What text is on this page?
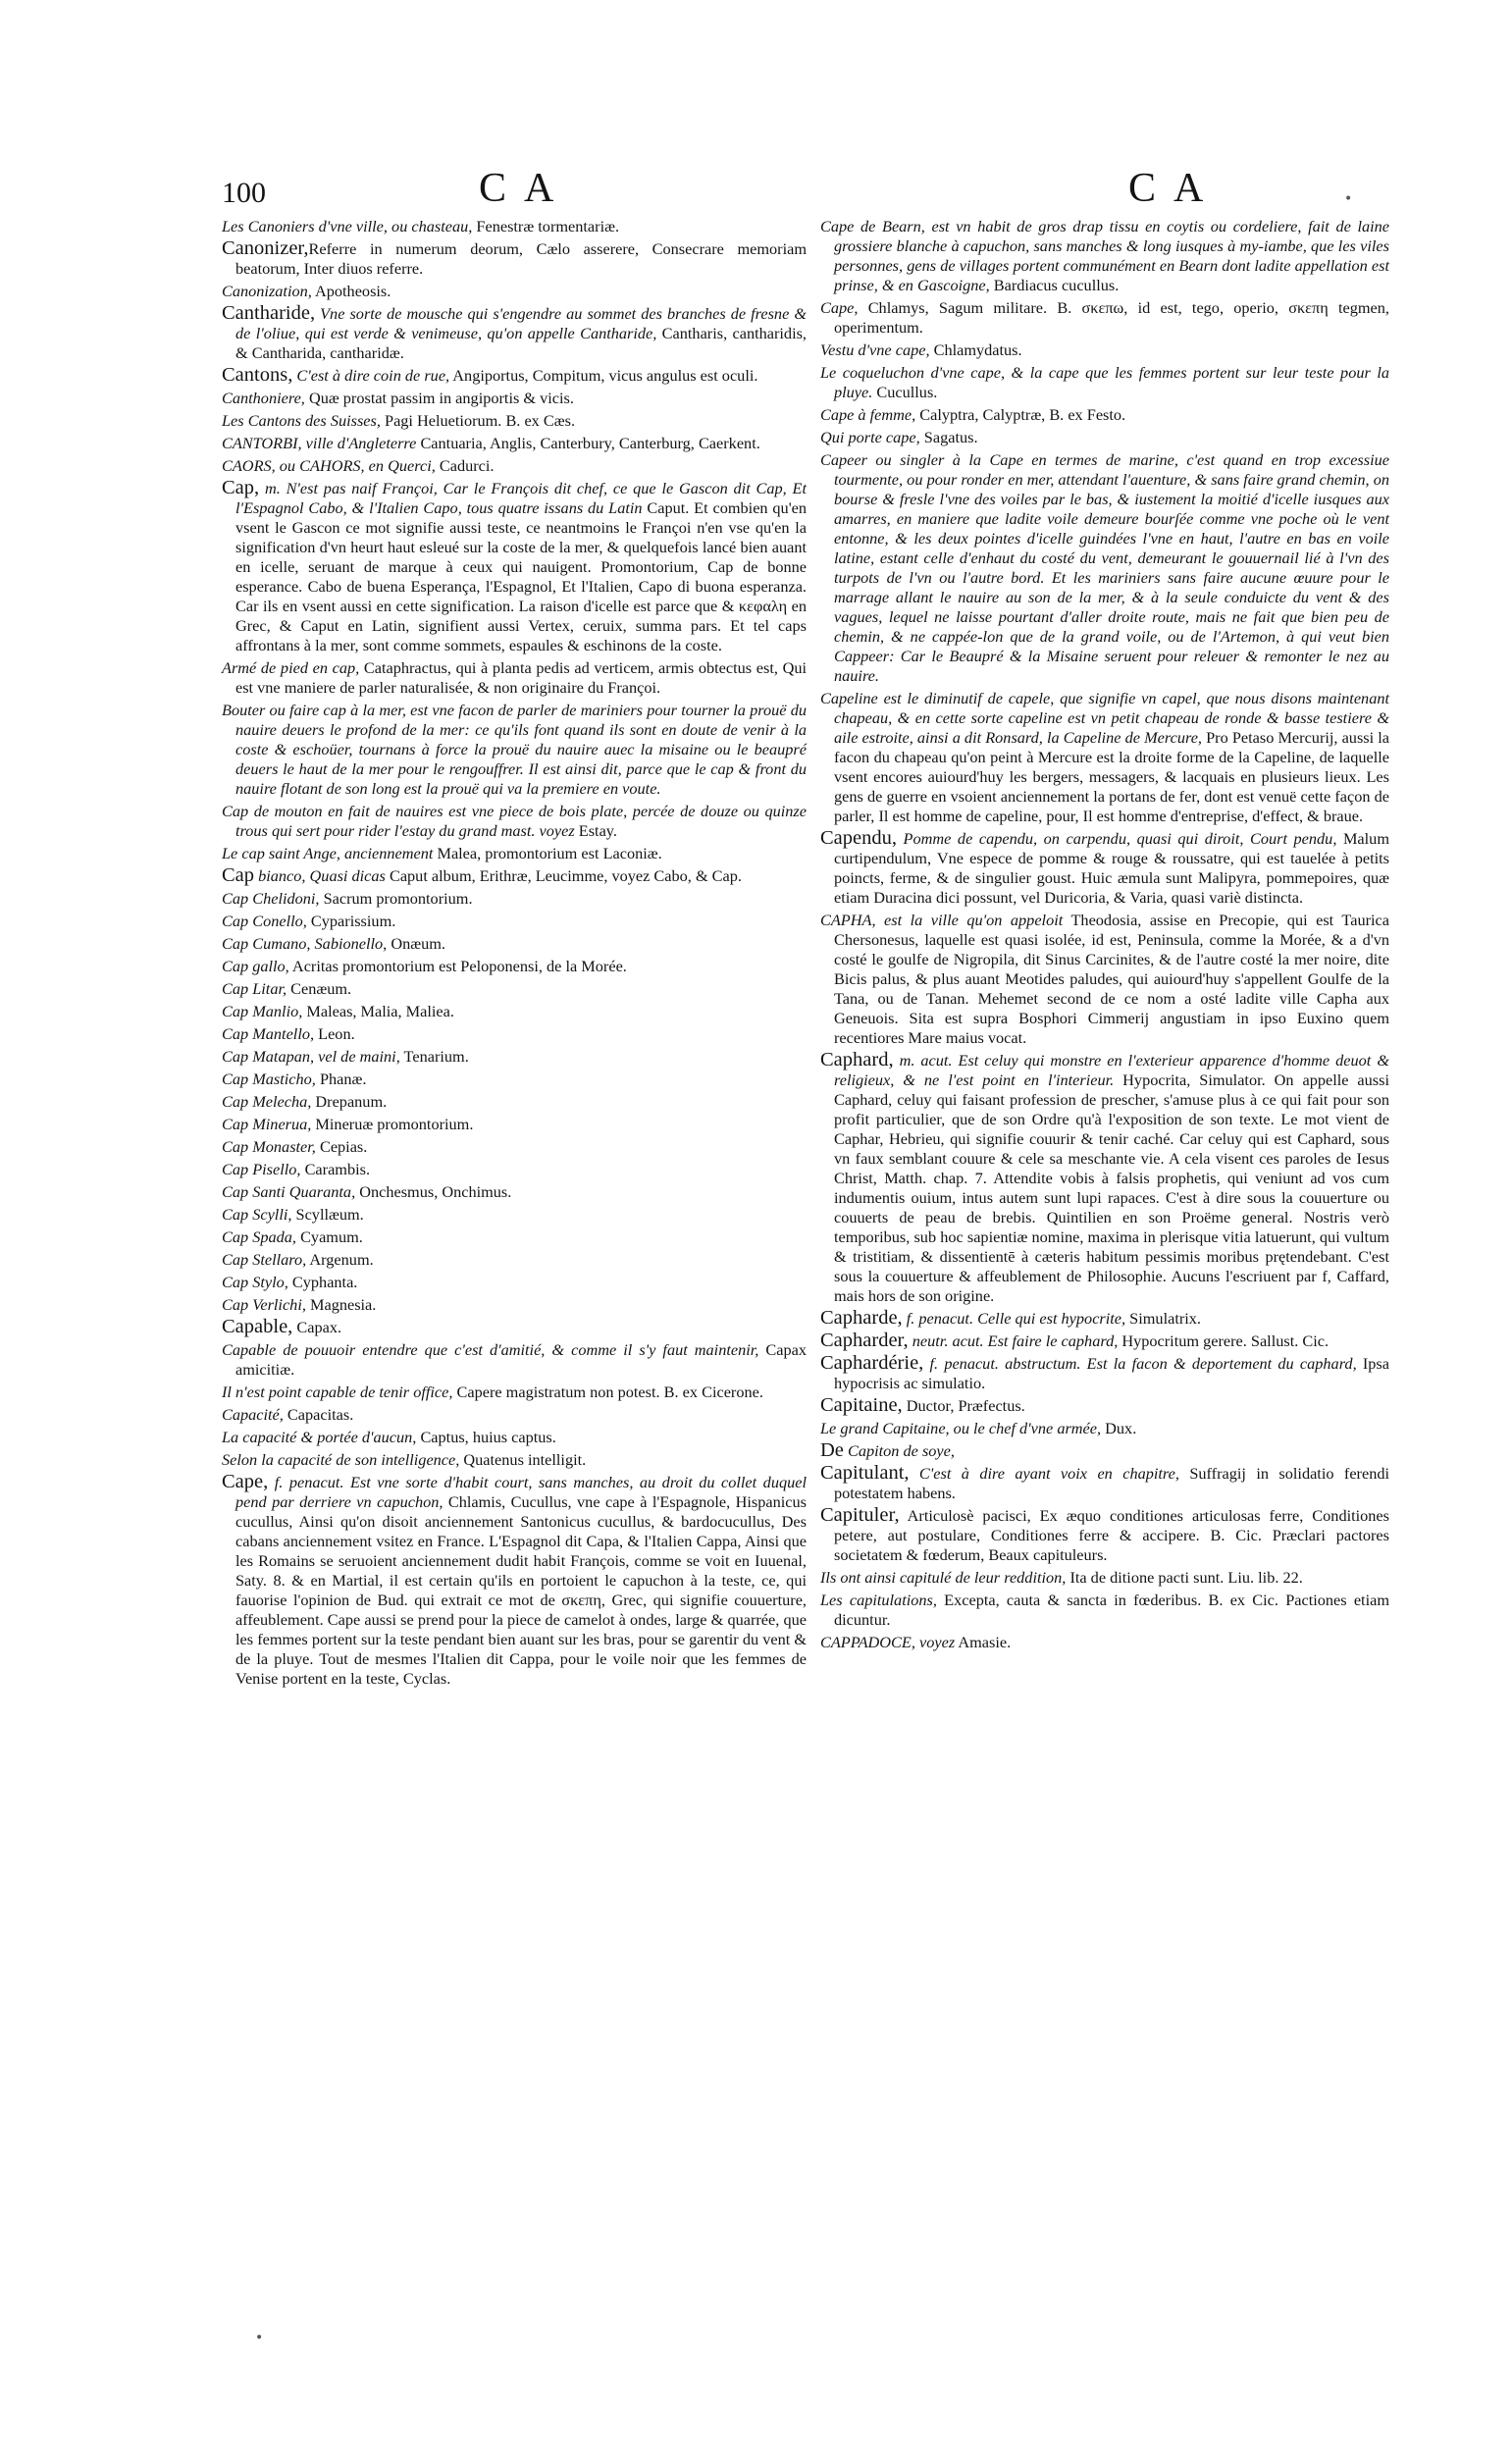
100	CA	CA

Les Canoniers d'vne ville, ou chasteau, Fenestræ tormentariæ.

Canonizer,Referre in numerum deorum, Cælo asserere, Consecrare memoriam beatorum, Inter diuos referre.

Canonization, Apotheosis.

Cantharide, Vne sorte de mousche qui s'engendre au sommet des branches de fresne & de l'oliue, qui est verde & venimeuse, qu'on appelle Cantharide, Cantharis, cantharidis, & Cantharida, cantharidæ.

Cantons, C'est à dire coin de rue, Angiportus, Compitum, vicus angulus est oculi.

Canthoniere, Quæ prostat passim in angiportis & vicis.

Les Cantons des Suisses, Pagi Heluetiorum. B. ex Cæs.

CANTORBI, ville d'Angleterre Cantuaria, Anglis, Canterbury, Canterburg, Caerkent.

CAORS, ou CAHORS, en Querci, Cadurci.

Cap, m. N'est pas naif Françoi, Car le François dit chef, ce que le Gascon dit Cap, Et l'Espagnol Cabo, & l'Italien Capo, tous quatre issans du Latin Caput. Et combien qu'en vsent le Gascon ce mot signifie aussi teste, ce neantmoins le Françoi n'en vse qu'en la signification d'vn heurt haut esleué sur la coste de la mer, & quelquefois lancé bien auant en icelle, seruant de marque à ceux qui nauigent. Promontorium, Cap de bonne esperance. Cabo de buena Esperança, l'Espagnol, Et l'Italien, Capo di buona esperanza. Car ils en vsent aussi en cette signification. La raison d'icelle est parce que & κεφαλη en Grec, & Caput en Latin, signifient aussi Vertex, ceruix, summa pars. Et tel caps affrontans à la mer, sont comme sommets, espaules & eschinons de la coste.

Armé de pied en cap, Cataphractus, qui à planta pedis ad verticem, armis obtectus est, Qui est vne maniere de parler naturalisée, & non originaire du Françoi.

Bouter ou faire cap à la mer, est vne facon de parler de mariniers pour tourner la prouë du nauire deuers le profond de la mer: ce qu'ils font quand ils sont en doute de venir à la coste & eschoüer, tournans à force la prouë du nauire auec la misaine ou le beaupré deuers le haut de la mer pour le rengouffrer. Il est ainsi dit, parce que le cap & front du nauire flotant de son long est la prouë qui va la premiere en voute.

Cap de mouton en fait de nauires est vne piece de bois plate, percée de douze ou quinze trous qui sert pour rider l'estay du grand mast. voyez Estay.

Le cap saint Ange, anciennement Malea, promontorium est Laconiæ.

Cap bianco, Quasi dicas Caput album, Erithræ, Leucimme, voyez Cabo, & Cap.

Cap Chelidoni, Sacrum promontorium.

Cap Conello, Cyparissium.

Cap Cumano, Sabionello, Onæum.

Cap gallo, Acritas promontorium est Peloponensi, de la Morée.

Cap Litar, Cenæum.

Cap Manlio, Maleas, Malia, Maliea.

Cap Mantello, Leon.

Cap Matapan, vel de maini, Tenarium.

Cap Masticho, Phanæ.

Cap Melecha, Drepanum.

Cap Minerua, Mineruæ promontorium.

Cap Monaster, Cepias.

Cap Pisello, Carambis.

Cap Santi Quaranta, Onchesmus, Onchimus.

Cap Scylli, Scyllæum.

Cap Spada, Cyamum.

Cap Stellaro, Argenum.

Cap Stylo, Cyphanta.

Cap Verlichi, Magnesia.

Capable, Capax.

Capable de pouuoir entendre que c'est d'amitié, & comme il s'y faut maintenir, Capax amicitiæ.

Il n'est point capable de tenir office, Capere magistratum non potest. B. ex Cicerone.

Capacité, Capacitas.

La capacité & portée d'aucun, Captus, huius captus.

Selon la capacité de son intelligence, Quatenus intelligit.

Cape, f. penacut. Est vne sorte d'habit court, sans manches, au droit du collet duquel pend par derriere vn capuchon, Chlamis, Cucullus, vne cape à l'Espagnole, Hispanicus cucullus, Ainsi qu'on disoit anciennement Santonicus cucullus, & bardocucullus, Des cabans anciennement vsitez en France. L'Espagnol dit Capa, & l'Italien Cappa, Ainsi que les Romains se seruoient anciennement dudit habit François, comme se voit en Iuuenal, Saty. 8. & en Martial, il est certain qu'ils en portoient le capuchon à la teste, ce, qui fauorise l'opinion de Bud. qui extrait ce mot de σκεπη, Grec, qui signifie couuerture, affeublement. Cape aussi se prend pour la piece de camelot à ondes, large & quarrée, que les femmes portent sur la teste pendant bien auant sur les bras, pour se garentir du vent & de la pluye. Tout de mesmes l'Italien dit Cappa, pour le voile noir que les femmes de Venise portent en la teste, Cyclas.

Cape de Bearn, est vn habit de gros drap tissu en coytis ou cordeliere, fait de laine grossiere blanche à capuchon, sans manches & long iusques à my-iambe, que les viles personnes, gens de villages portent communément en Bearn dont ladite appellation est prinse, & en Gascoigne, Bardiacus cucullus.

Cape, Chlamys, Sagum militare. B. σκεπω, id est, tego, operio, σκεπη tegmen, operimentum.

Vestu d'vne cape, Chlamydatus.

Le coqueluchon d'vne cape, & la cape que les femmes portent sur leur teste pour la pluye. Cucullus.

Cape à femme, Calyptra, Calyptræ, B. ex Festo.

Qui porte cape, Sagatus.

Capeer ou singler à la Cape en termes de marine, c'est quand en trop excessiue tourmente, ou pour ronder en mer, attendant l'auenture, & sans faire grand chemin, on bourse & fresle l'vne des voiles par le bas, & iustement la moitié d'icelle iusques aux amarres, en maniere que ladite voile demeure bourſée comme vne poche où le vent entonne, & les deux pointes d'icelle guindées l'vne en haut, l'autre en bas en voile latine, estant celle d'enhaut du costé du vent, demeurant le gouuernail lié à l'vn des turpots de l'vn ou l'autre bord. Et les mariniers sans faire aucune œuure pour le marrage allant le nauire au son de la mer, & à la seule conduicte du vent & des vagues, lequel ne laisse pourtant d'aller droite route, mais ne fait que bien peu de chemin, & ne cappée-lon que de la grand voile, ou de l'Artemon, à qui veut bien Cappeer: Car le Beaupré & la Misaine seruent pour releuer & remonter le nez au nauire.

Capeline est le diminutif de capele, que signifie vn capel, que nous disons maintenant chapeau, & en cette sorte capeline est vn petit chapeau de ronde & basse testiere & aile estroite, ainsi a dit Ronsard, la Capeline de Mercure, Pro Petaso Mercurij, aussi la facon du chapeau qu'on peint à Mercure est la droite forme de la Capeline, de laquelle vsent encores auiourd'huy les bergers, messagers, & lacquais en plusieurs lieux. Les gens de guerre en vsoient anciennement la portans de fer, dont est venuë cette façon de parler, Il est homme de capeline, pour, Il est homme d'entreprise, d'effect, & braue.

Capendu, Pomme de capendu, on carpendu, quasi qui diroit, Court pendu, Malum curtipendulum, Vne espece de pomme & rouge & roussatre, qui est tauelée à petits poincts, ferme, & de singulier goust. Huic æmula sunt Malipyra, pommepoires, quæ etiam Duracina dici possunt, vel Duricoria, & Varia, quasi variè distincta.

CAPHA, est la ville qu'on appeloit Theodosia, assise en Precopie, qui est Taurica Chersonesus, laquelle est quasi isolée, id est, Peninsula, comme la Morée, & a d'vn costé le goulfe de Nigropila, dit Sinus Carcinites, & de l'autre costé la mer noire, dite Bicis palus, & plus auant Meotides paludes, qui auiourd'huy s'appellent Goulfe de la Tana, ou de Tanan. Mehemet second de ce nom a osté ladite ville Capha aux Geneuois. Sita est supra Bosphori Cimmerij angustiam in ipso Euxino quem recentiores Mare maius vocat.

Caphard, m. acut. Est celuy qui monstre en l'exterieur apparence d'homme deuot & religieux, & ne l'est point en l'interieur. Hypocrita, Simulator. On appelle aussi Caphard, celuy qui faisant profession de prescher, s'amuse plus à ce qui fait pour son profit particulier, que de son Ordre qu'à l'exposition de son texte. Le mot vient de Caphar, Hebrieu, qui signifie couurir & tenir caché. Car celuy qui est Caphard, sous vn faux semblant couure & cele sa meschante vie. A cela visent ces paroles de Iesus Christ, Matth. chap. 7. Attendite vobis à falsis prophetis, qui veniunt ad vos cum indumentis ouium, intus autem sunt lupi rapaces. C'est à dire sous la couuerture ou couuerts de peau de brebis. Quintilien en son Proëme general. Nostris verò temporibus, sub hoc sapientiæ nomine, maxima in plerisque vitia latuerunt, qui vultum & tristitiam, & dissentientē à cæteris habitum pessimis moribus prętendebant. C'est sous la couuerture & affeublement de Philosophie. Aucuns l'escriuent par f, Caffard, mais hors de son origine.

Capharde, f. penacut. Celle qui est hypocrite, Simulatrix.

Capharder, neutr. acut. Est faire le caphard, Hypocritum gerere. Sallust. Cic.

Caphardérie, f. penacut. abstructum. Est la facon & deportement du caphard, Ipsa hypocrisis ac simulatio.

Capitaine, Ductor, Præfectus.

Le grand Capitaine, ou le chef d'vne armée, Dux.

De Capiton de soye,

Capitulant, C'est à dire ayant voix en chapitre, Suffragij in solidatio ferendi potestatem habens.

Capituler, Articulosè pacisci, Ex æquo conditiones articulosas ferre, Conditiones petere, aut postulare, Conditiones ferre & accipere. B. Cic. Præclari pactores societatem & fœderum, Beaux capituleurs.

Ils ont ainsi capitulé de leur reddition, Ita de ditione pacti sunt. Liu. lib. 22.

Les capitulations, Excepta, cauta & sancta in fœderibus. B. ex Cic. Pactiones etiam dicuntur.

CAPPADOCE, voyez Amasie.

•
•
